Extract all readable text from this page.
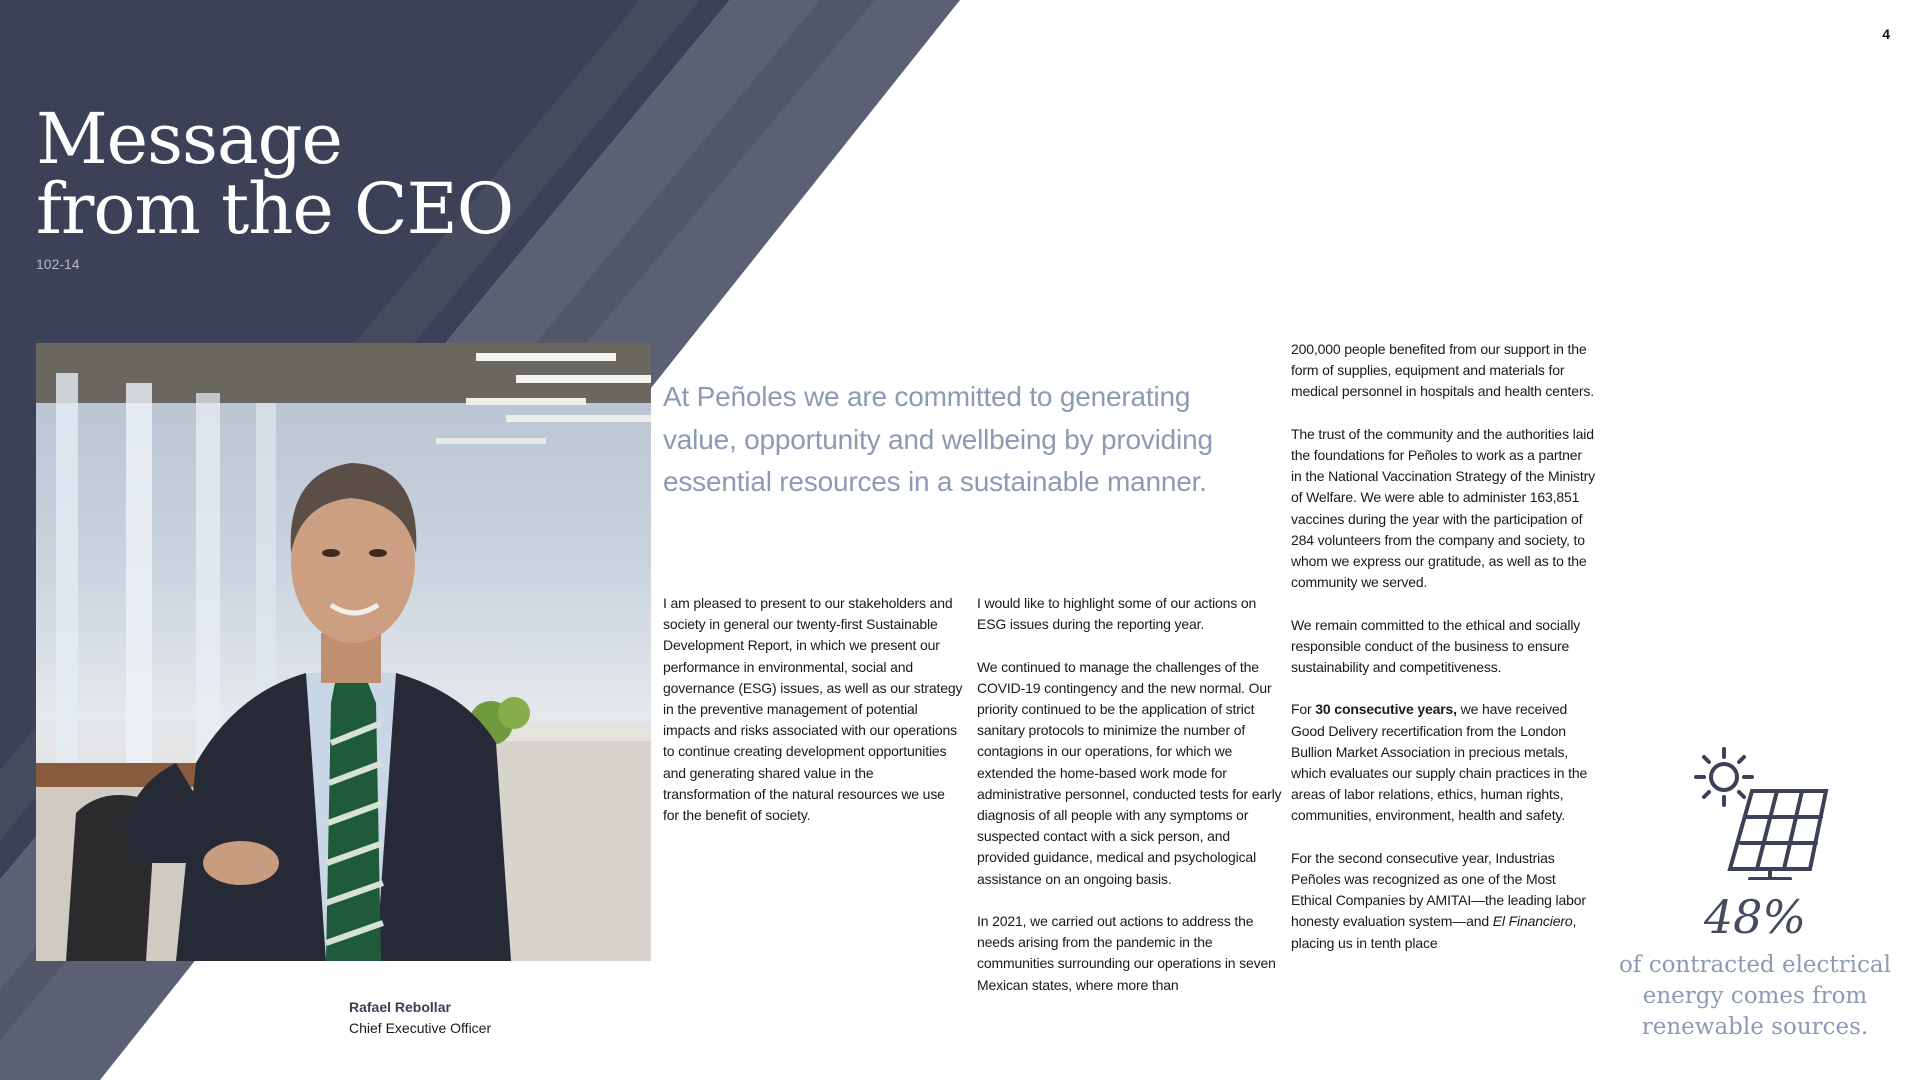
4
Message
from the CEO
102-14
Rafael Rebollar
Chief Executive Officer

At Peñoles we are committed to generating value, opportunity and wellbeing by providing essential resources in a sustainable manner.

I am pleased to present to our stakeholders and society in general our twenty-first Sustainable Development Report, in which we present our performance in environmental, social and governance (ESG) issues, as well as our strategy in the preventive management of potential impacts and risks associated with our operations to continue creating development opportunities and generating shared value in the transformation of the natural resources we use for the benefit of society.

I would like to highlight some of our actions on ESG issues during the reporting year.

We continued to manage the challenges of the COVID-19 contingency and the new normal. Our priority continued to be the application of strict sanitary protocols to minimize the number of contagions in our operations, for which we extended the home-based work mode for administrative personnel, conducted tests for early diagnosis of all people with any symptoms or suspected contact with a sick person, and provided guidance, medical and psychological assistance on an ongoing basis.

In 2021, we carried out actions to address the needs arising from the pandemic in the communities surrounding our operations in seven Mexican states, where more than

200,000 people benefited from our support in the form of supplies, equipment and materials for medical personnel in hospitals and health centers.

The trust of the community and the authorities laid the foundations for Peñoles to work as a partner in the National Vaccination Strategy of the Ministry of Welfare. We were able to administer 163,851 vaccines during the year with the participation of 284 volunteers from the company and society, to whom we express our gratitude, as well as to the community we served.

We remain committed to the ethical and socially responsible conduct of the business to ensure sustainability and competitiveness.

For 30 consecutive years, we have received Good Delivery recertification from the London Bullion Market Association in precious metals, which evaluates our supply chain practices in the areas of labor relations, ethics, human rights, communities, environment, health and safety.

For the second consecutive year, Industrias Peñoles was recognized as one of the Most Ethical Companies by AMITAI—the leading labor honesty evaluation system—and El Financiero, placing us in tenth place	48%
of contracted electrical energy comes from renewable sources.
